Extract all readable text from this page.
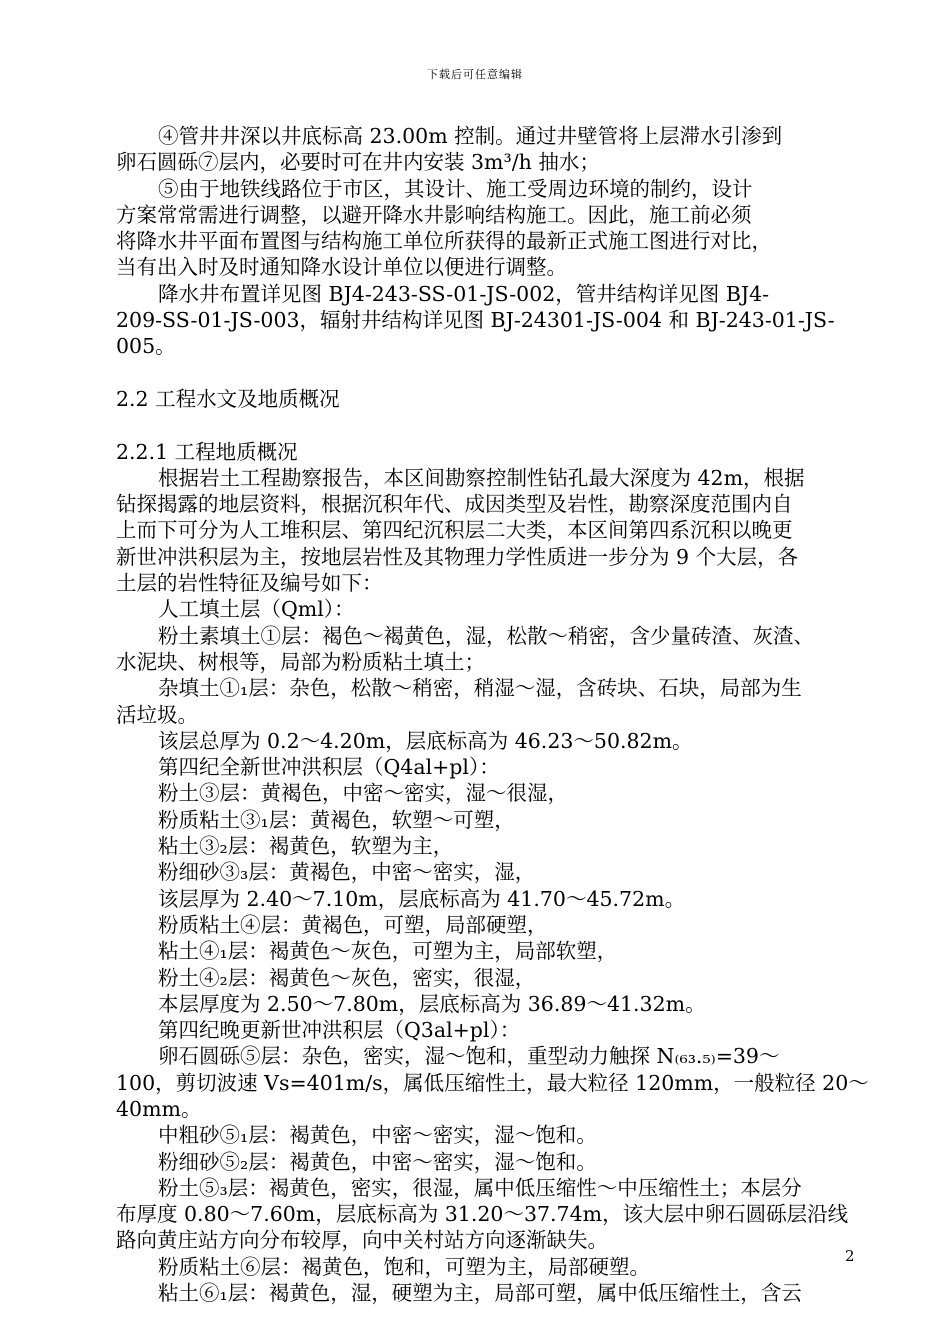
下载后可任意编辑
④管井井深以井底标高 23.00m 控制。通过井壁管将上层滞水引渗到
卵石圆砾⑦层内，必要时可在井内安装 3m³/h 抽水；
⑤由于地铁线路位于市区，其设计、施工受周边环境的制约，设计
方案常常需进行调整，以避开降水井影响结构施工。因此，施工前必须
将降水井平面布置图与结构施工单位所获得的最新正式施工图进行对比，
当有出入时及时通知降水设计单位以便进行调整。
降水井布置详见图 BJ4-243-SS-01-JS-002，管井结构详见图 BJ4-
209-SS-01-JS-003，辐射井结构详见图 BJ-24301-JS-004 和 BJ-243-01-JS-
005。
2.2 工程水文及地质概况
2.2.1 工程地质概况
根据岩土工程勘察报告，本区间勘察控制性钻孔最大深度为 42m，根据
钻探揭露的地层资料，根据沉积年代、成因类型及岩性，勘察深度范围内自
上而下可分为人工堆积层、第四纪沉积层二大类，本区间第四系沉积以晚更
新世冲洪积层为主，按地层岩性及其物理力学性质进一步分为 9 个大层，各
土层的岩性特征及编号如下：
人工填土层（Qml）：
粉土素填土①层：褐色～褐黄色，湿，松散～稍密，含少量砖渣、灰渣、
水泥块、树根等，局部为粉质粘土填土；
杂填土①₁层：杂色，松散～稍密，稍湿～湿，含砖块、石块，局部为生
活垃圾。
该层总厚为 0.2～4.20m，层底标高为 46.23～50.82m。
第四纪全新世冲洪积层（Q4al+pl）：
粉土③层：黄褐色，中密～密实，湿～很湿，
粉质粘土③₁层：黄褐色，软塑～可塑，
粘土③₂层：褐黄色，软塑为主，
粉细砂③₃层：黄褐色，中密～密实，湿，
该层厚为 2.40～7.10m，层底标高为 41.70～45.72m。
粉质粘土④层：黄褐色，可塑，局部硬塑，
粘土④₁层：褐黄色～灰色，可塑为主，局部软塑，
粉土④₂层：褐黄色～灰色，密实，很湿，
本层厚度为 2.50～7.80m，层底标高为 36.89～41.32m。
第四纪晚更新世冲洪积层（Q3al+pl）：
卵石圆砾⑤层：杂色，密实，湿～饱和，重型动力触探 N₍₆₃.₅₎=39～
100，剪切波速 Vs=401m/s，属低压缩性土，最大粒径 120mm，一般粒径 20～
40mm。
中粗砂⑤₁层：褐黄色，中密～密实，湿～饱和。
粉细砂⑤₂层：褐黄色，中密～密实，湿～饱和。
粉土⑤₃层：褐黄色，密实，很湿，属中低压缩性～中压缩性土；本层分
布厚度 0.80～7.60m，层底标高为 31.20～37.74m，该大层中卵石圆砾层沿线
路向黄庄站方向分布较厚，向中关村站方向逐渐缺失。
粉质粘土⑥层：褐黄色，饱和，可塑为主，局部硬塑。
粘土⑥₁层：褐黄色，湿，硬塑为主，局部可塑，属中低压缩性土，含云
2
